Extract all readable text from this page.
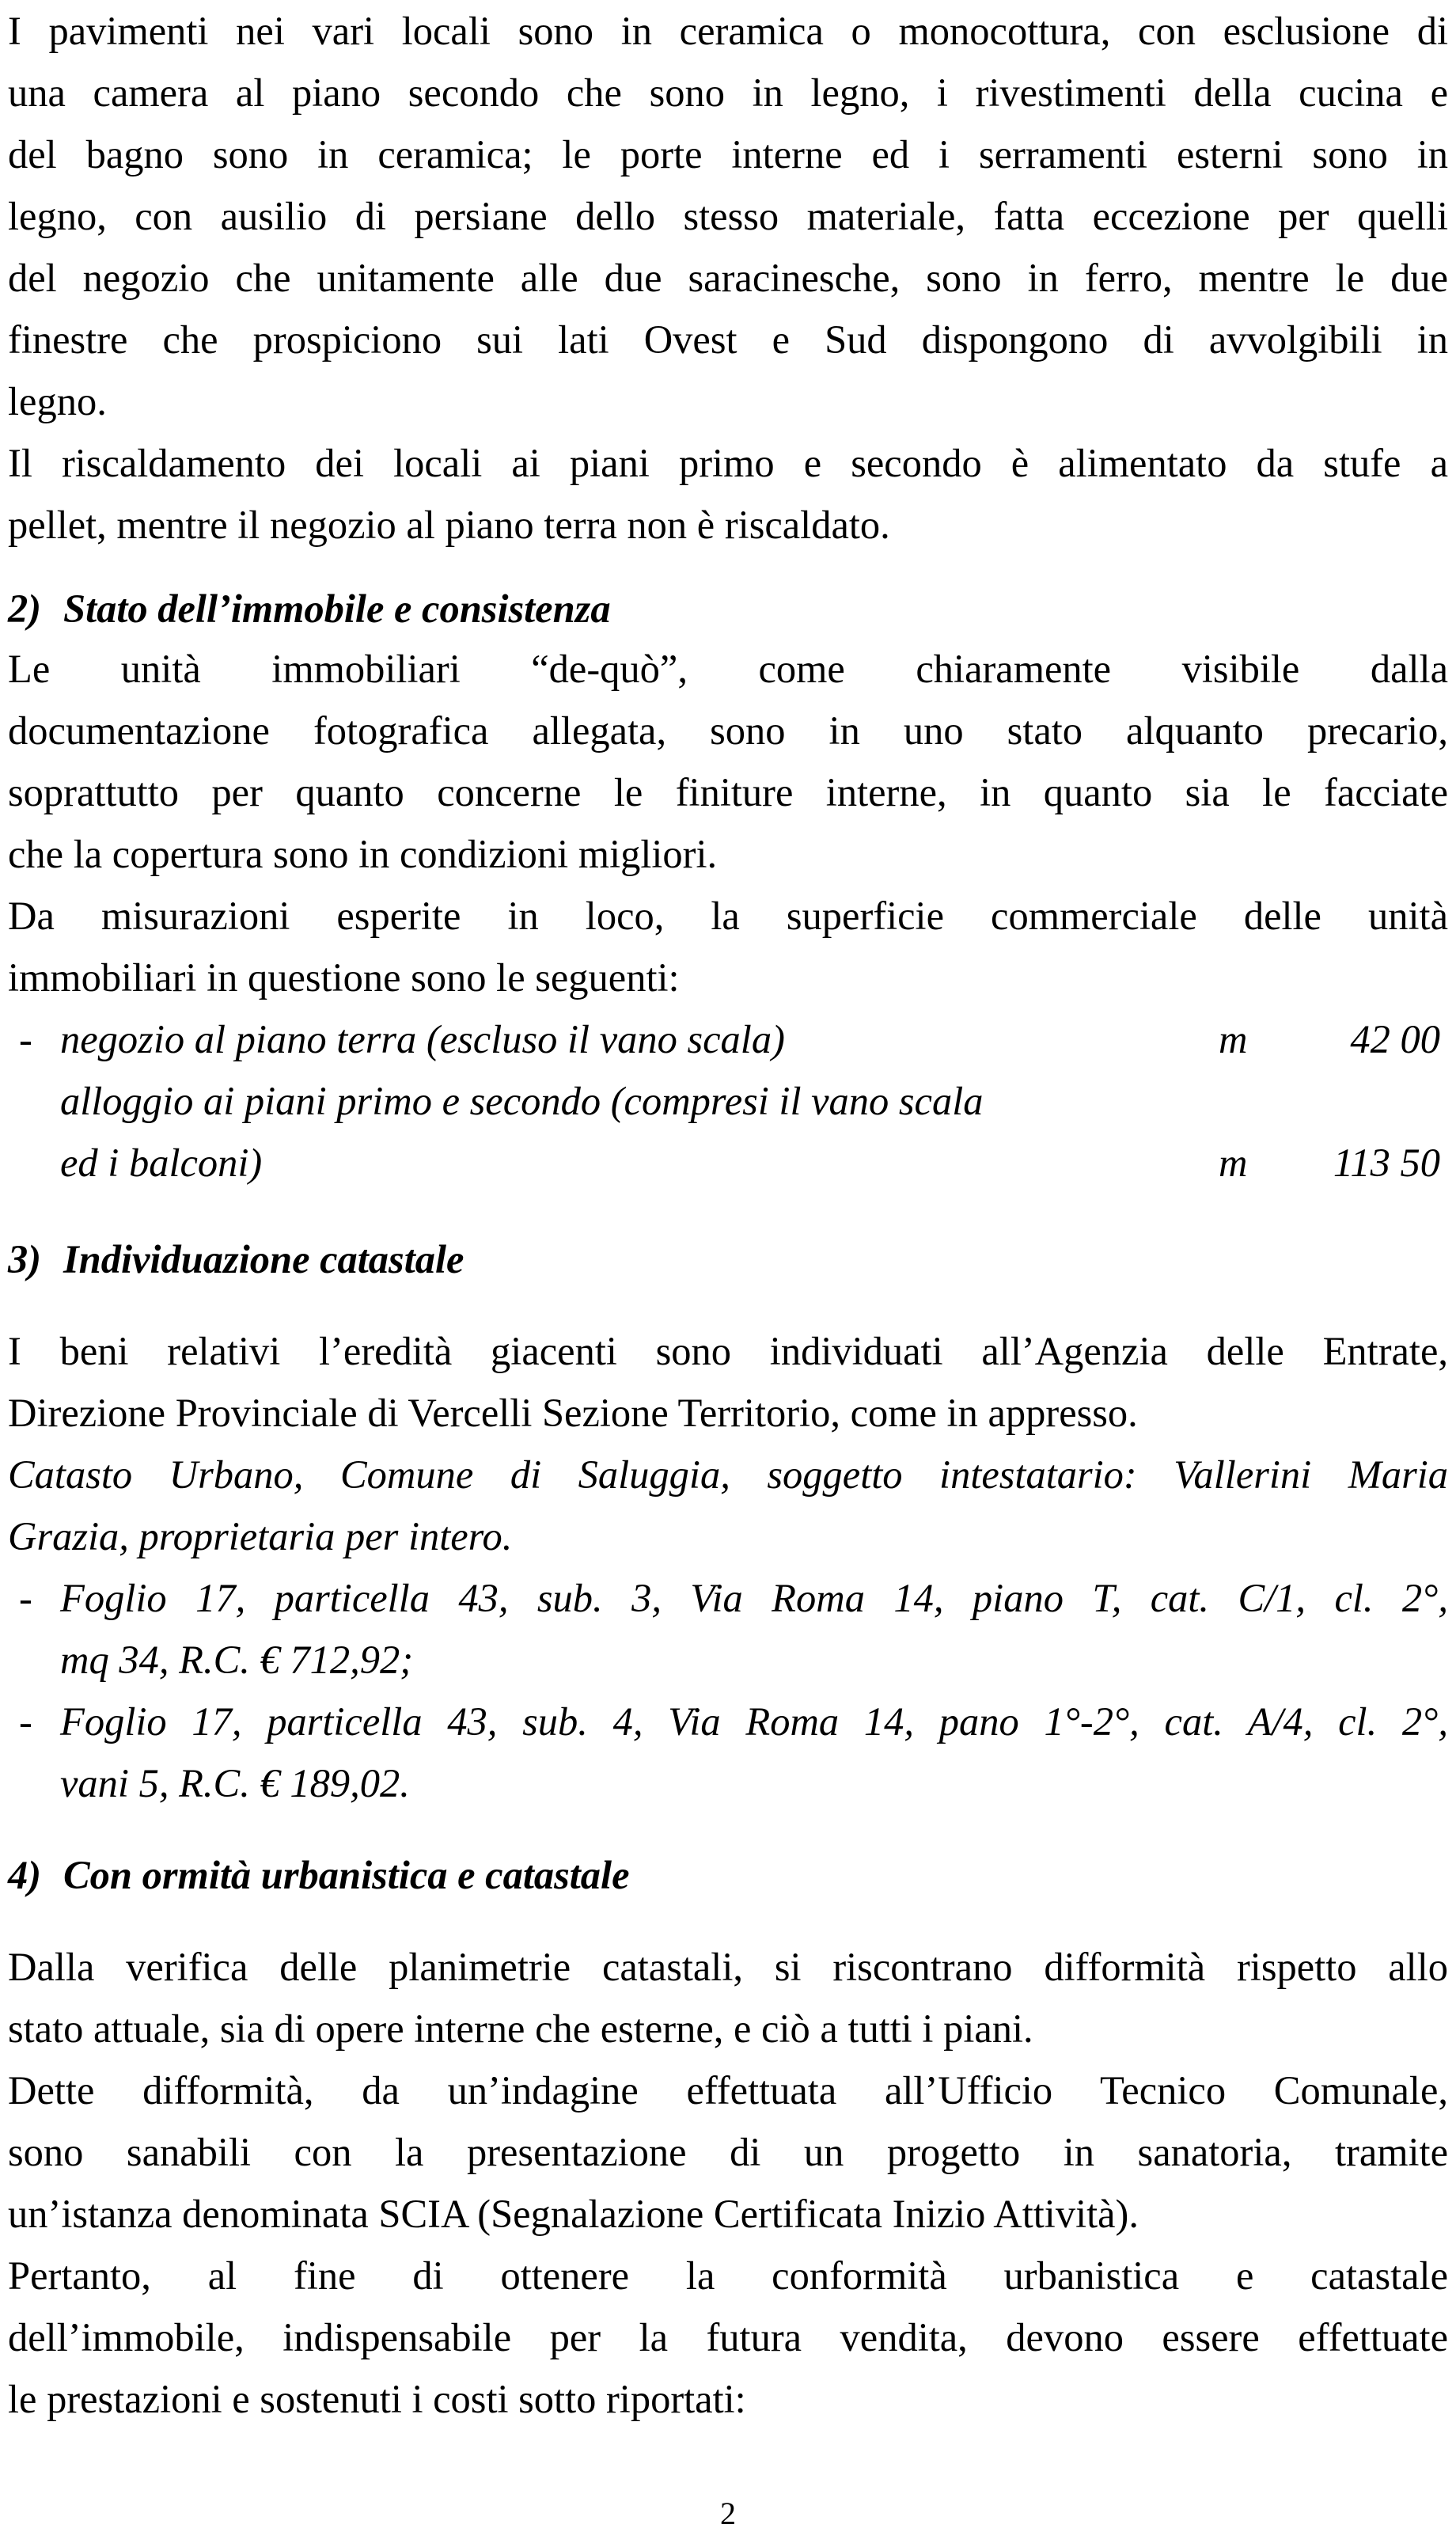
I pavimenti nei vari locali sono in ceramica o monocottura, con esclusione di
una camera al piano secondo che sono in legno, i rivestimenti della cucina e
del bagno sono in ceramica; le porte interne ed i serramenti esterni sono in
legno, con ausilio di persiane dello stesso materiale, fatta eccezione per quelli
del negozio che unitamente alle due saracinesche, sono in ferro, mentre le due
finestre che prospiciono sui lati Ovest e Sud dispongono di avvolgibili in
legno.
Il riscaldamento dei locali ai piani primo e secondo è alimentato da stufe a
pellet, mentre il negozio al piano terra non è riscaldato.
2) Stato dell’immobile e consistenza
Le unità immobiliari “de-quò”, come chiaramente visibile dalla
documentazione fotografica allegata, sono in uno stato alquanto precario,
soprattutto per quanto concerne le finiture interne, in quanto sia le facciate
che la copertura sono in condizioni migliori.
Da misurazioni esperite in loco, la superficie commerciale delle unità
immobiliari in questione sono le seguenti:
- negozio al piano terra (escluso il vano scala)	m	42 00
alloggio ai piani primo e secondo (compresi il vano scala
ed i balconi)	m 113 50
3) Individuazione catastale
I beni relativi l’eredità giacenti sono individuati all’Agenzia delle Entrate,
Direzione Provinciale di Vercelli Sezione Territorio, come in appresso.
Catasto Urbano, Comune di Saluggia, soggetto intestatario: Vallerini Maria
Grazia, proprietaria per intero.
- Foglio 17, particella 43, sub. 3, Via Roma 14, piano T, cat. C/1, cl. 2°,
mq 34, R.C. € 712,92;
- Foglio 17, particella 43, sub. 4, Via Roma 14, pano 1°-2°, cat. A/4, cl. 2°,
vani 5, R.C. € 189,02.
4) Con ormità urbanistica e catastale
Dalla verifica delle planimetrie catastali, si riscontrano difformità rispetto allo
stato attuale, sia di opere interne che esterne, e ciò a tutti i piani.
Dette difformità, da un’indagine effettuata all’Ufficio Tecnico Comunale,
sono sanabili con la presentazione di un progetto in sanatoria, tramite
un’istanza denominata SCIA (Segnalazione Certificata Inizio Attività).
Pertanto, al fine di ottenere la conformità urbanistica e catastale
dell’immobile, indispensabile per la futura vendita, devono essere effettuate
le prestazioni e sostenuti i costi sotto riportati:
2
